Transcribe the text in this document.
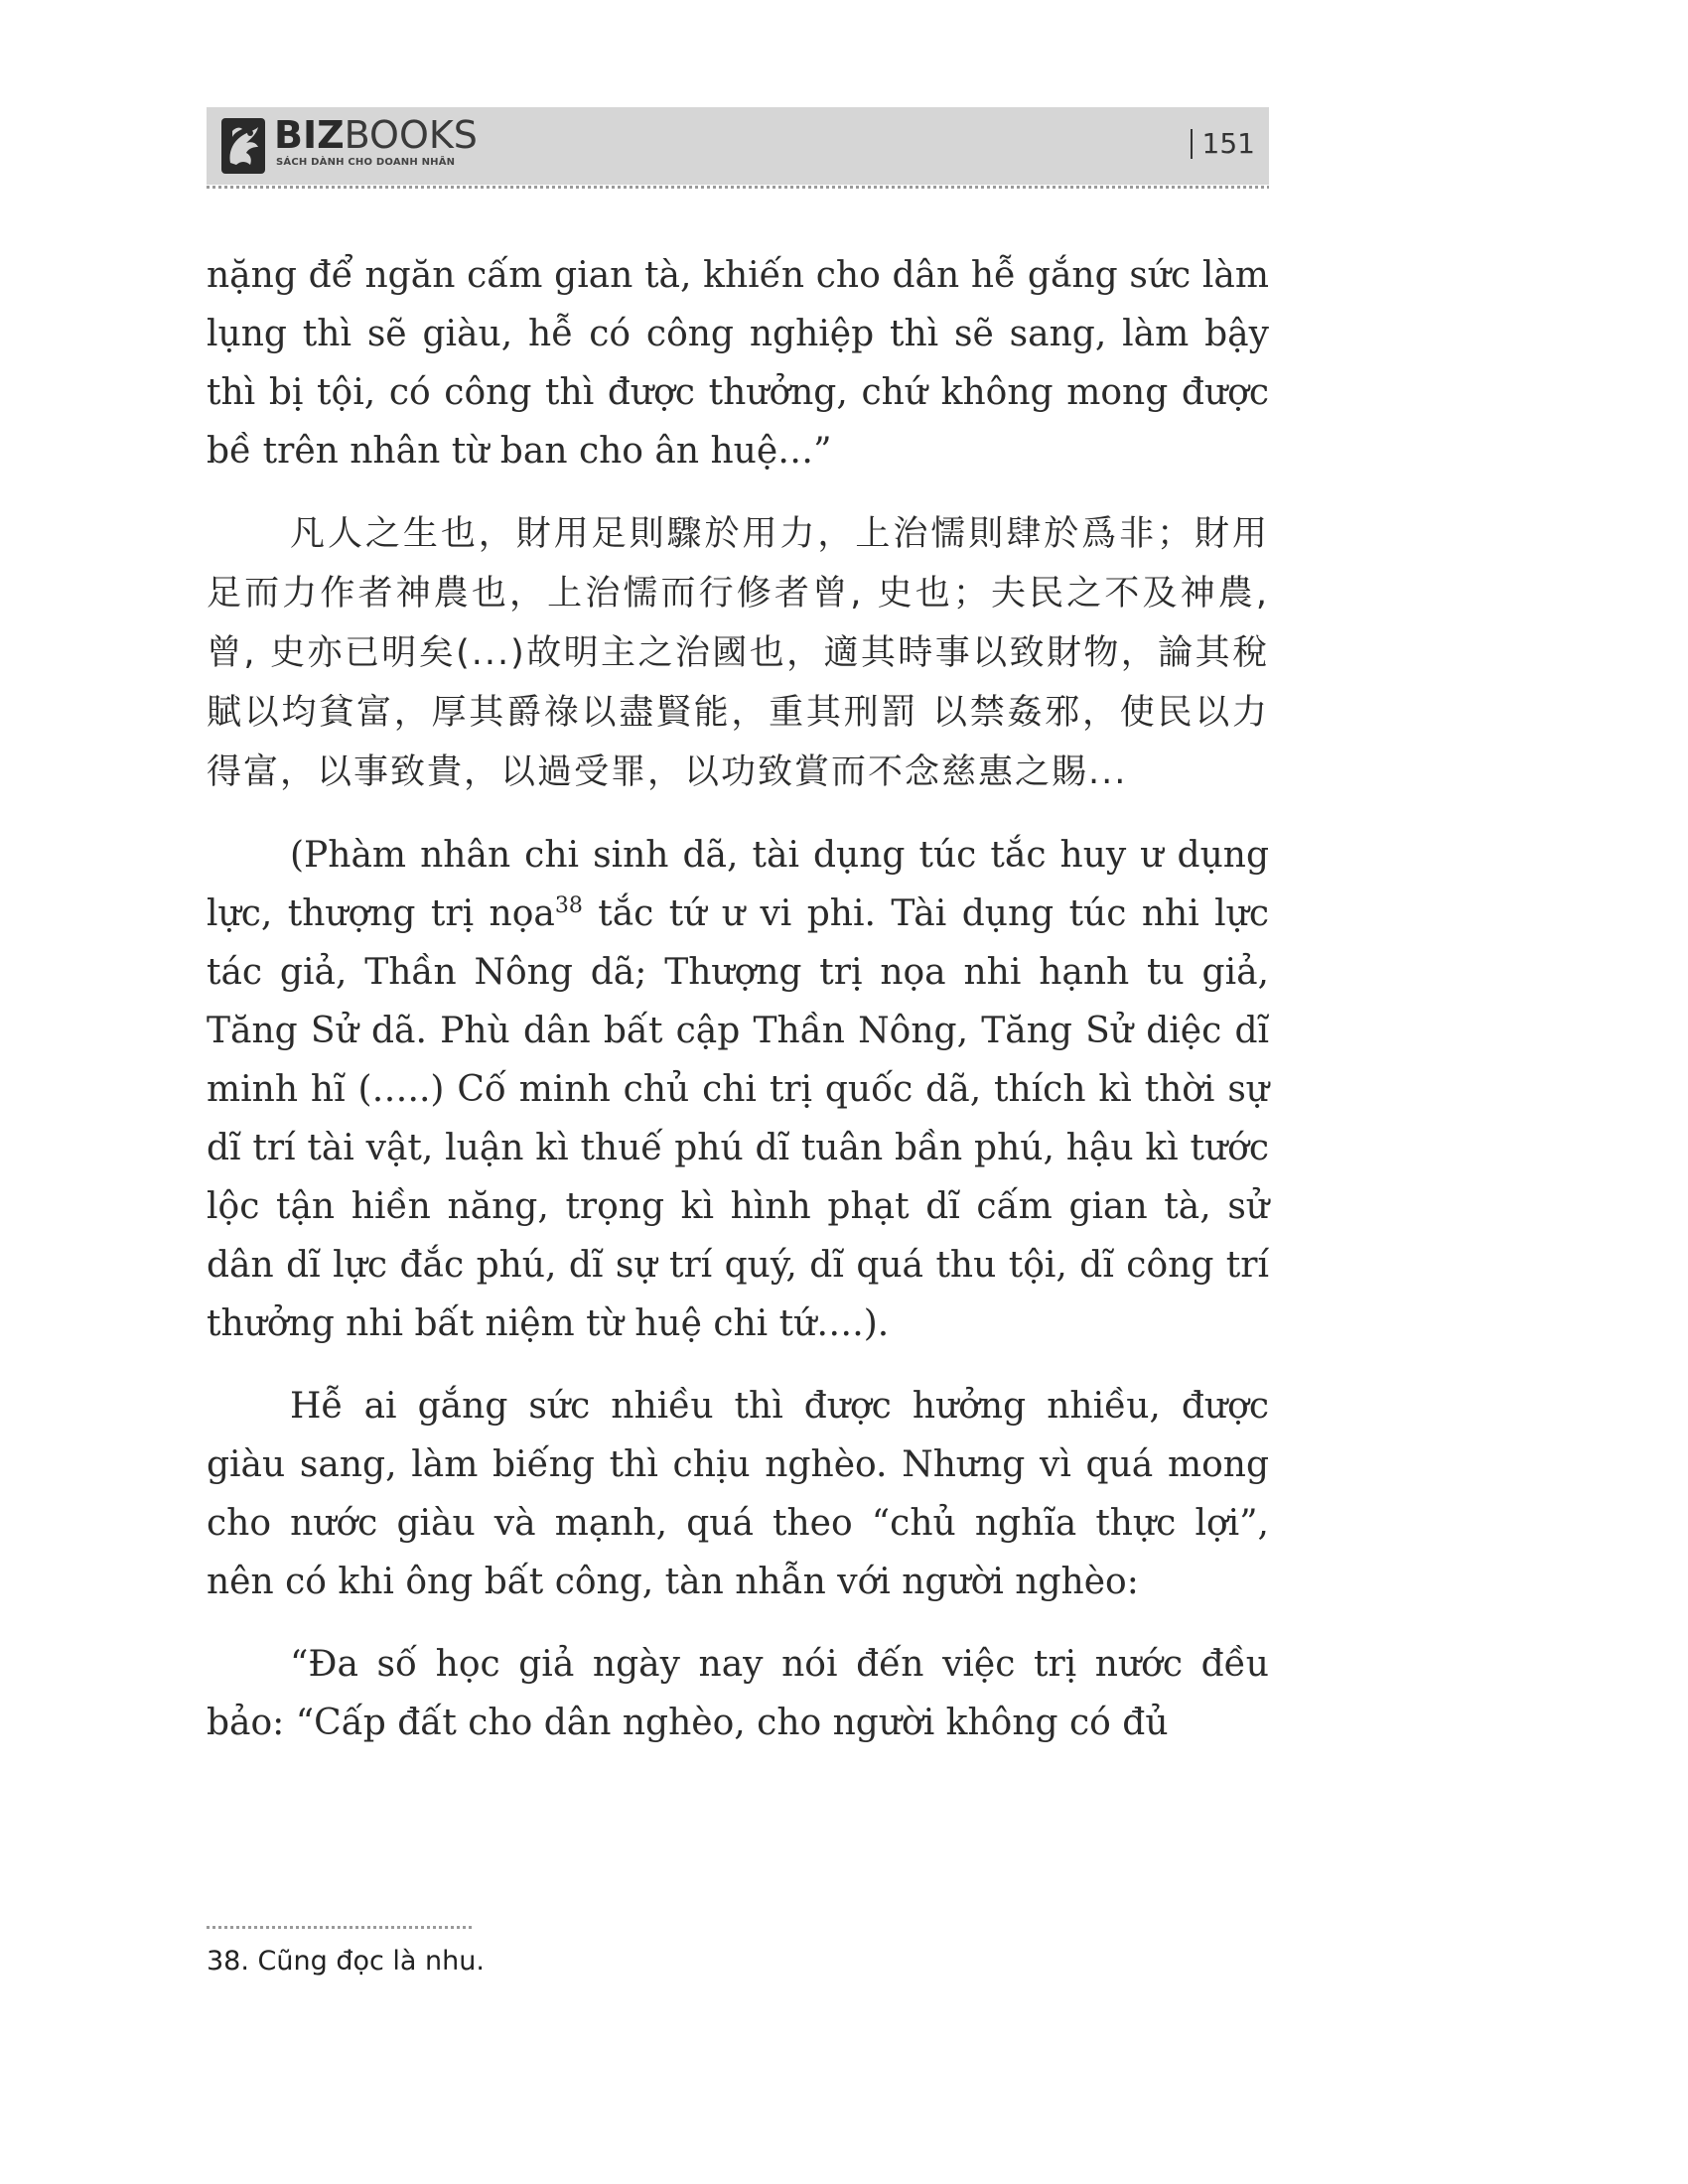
BIZBOOKS
SÁCH DÀNH CHO DOANH NHÂN
151

nặng để ngăn cấm gian tà, khiến cho dân hễ gắng sức làm lụng thì sẽ giàu, hễ có công nghiệp thì sẽ sang, làm bậy thì bị tội, có công thì được thưởng, chứ không mong được bề trên nhân từ ban cho ân huệ…”

凡人之生也，財用足則驟於用力，上治懦則肆於爲非；財用足而力作者神農也，上治懦而行修者曾, 史也；夫民之不及神農, 曾, 史亦已明矣(...)故明主之治國也，適其時事以致財物，論其稅賦以均貧富，厚其爵祿以盡賢能，重其刑罰 以禁姦邪，使民以力得富，以事致貴，以過受罪，以功致賞而不念慈惠之賜...

(Phàm nhân chi sinh dã, tài dụng túc tắc huy ư dụng lực, thượng trị nọa$^{38}$ tắc tứ ư vi phi. Tài dụng túc nhi lực tác giả, Thần Nông dã; Thượng trị nọa nhi hạnh tu giả, Tăng Sử dã. Phù dân bất cập Thần Nông, Tăng Sử diệc dĩ minh hĩ (…..) Cố minh chủ chi trị quốc dã, thích kì thời sự dĩ trí tài vật, luận kì thuế phú dĩ tuân bần phú, hậu kì tước lộc tận hiền năng, trọng kì hình phạt dĩ cấm gian tà, sử dân dĩ lực đắc phú, dĩ sự trí quý, dĩ quá thu tội, dĩ công trí thưởng nhi bất niệm từ huệ chi tứ….).

Hễ ai gắng sức nhiều thì được hưởng nhiều, được giàu sang, làm biếng thì chịu nghèo. Nhưng vì quá mong cho nước giàu và mạnh, quá theo “chủ nghĩa thực lợi”, nên có khi ông bất công, tàn nhẫn với người nghèo:

“Đa số học giả ngày nay nói đến việc trị nước đều bảo: “Cấp đất cho dân nghèo, cho người không có đủ

38. Cũng đọc là nhu.
